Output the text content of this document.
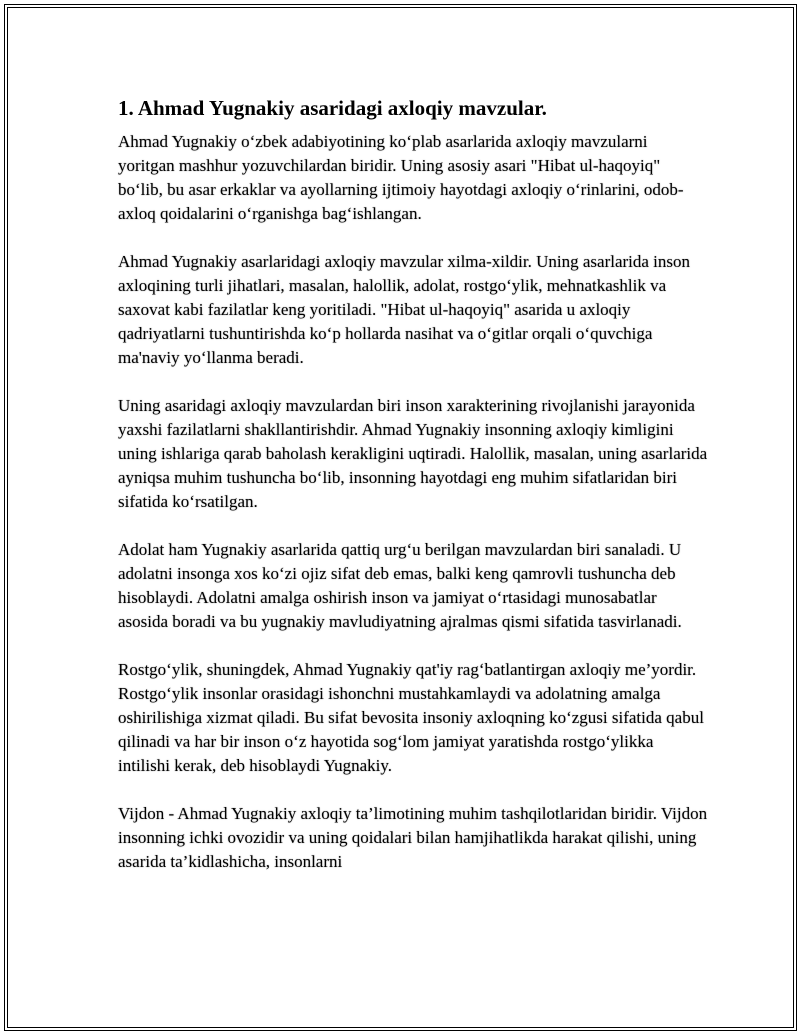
1. Ahmad Yugnakiy asaridagi axloqiy mavzular.

Ahmad Yugnakiy o‘zbek adabiyotining ko‘plab asarlarida axloqiy mavzularni yoritgan mashhur yozuvchilardan biridir. Uning asosiy asari "Hibat ul-haqoyiq" bo‘lib, bu asar erkaklar va ayollarning ijtimoiy hayotdagi axloqiy o‘rinlarini, odob-axloq qoidalarini o‘rganishga bag‘ishlangan.

Ahmad Yugnakiy asarlaridagi axloqiy mavzular xilma-xildir. Uning asarlarida inson axloqining turli jihatlari, masalan, halollik, adolat, rostgo‘ylik, mehnatkashlik va saxovat kabi fazilatlar keng yoritiladi. "Hibat ul-haqoyiq" asarida u axloqiy qadriyatlarni tushuntirishda ko‘p hollarda nasihat va o‘gitlar orqali o‘quvchiga ma'naviy yo‘llanma beradi.

Uning asaridagi axloqiy mavzulardan biri inson xarakterining rivojlanishi jarayonida yaxshi fazilatlarni shakllantirishdir. Ahmad Yugnakiy insonning axloqiy kimligini uning ishlariga qarab baholash kerakligini uqtiradi. Halollik, masalan, uning asarlarida ayniqsa muhim tushuncha bo‘lib, insonning hayotdagi eng muhim sifatlaridan biri sifatida ko‘rsatilgan.

Adolat ham Yugnakiy asarlarida qattiq urg‘u berilgan mavzulardan biri sanaladi. U adolatni insonga xos ko‘zi ojiz sifat deb emas, balki keng qamrovli tushuncha deb hisoblaydi. Adolatni amalga oshirish inson va jamiyat o‘rtasidagi munosabatlar asosida boradi va bu yugnakiy mavludiyatning ajralmas qismi sifatida tasvirlanadi.

Rostgo‘ylik, shuningdek, Ahmad Yugnakiy qat'iy rag‘batlantirgan axloqiy me’yordir. Rostgo‘ylik insonlar orasidagi ishonchni mustahkamlaydi va adolatning amalga oshirilishiga xizmat qiladi. Bu sifat bevosita insoniy axloqning ko‘zgusi sifatida qabul qilinadi va har bir inson o‘z hayotida sog‘lom jamiyat yaratishda rostgo‘ylikka intilishi kerak, deb hisoblaydi Yugnakiy.

Vijdon - Ahmad Yugnakiy axloqiy ta’limotining muhim tashqilotlaridan biridir. Vijdon insonning ichki ovozidir va uning qoidalari bilan hamjihatlikda harakat qilishi, uning asarida ta’kidlashicha, insonlarni
